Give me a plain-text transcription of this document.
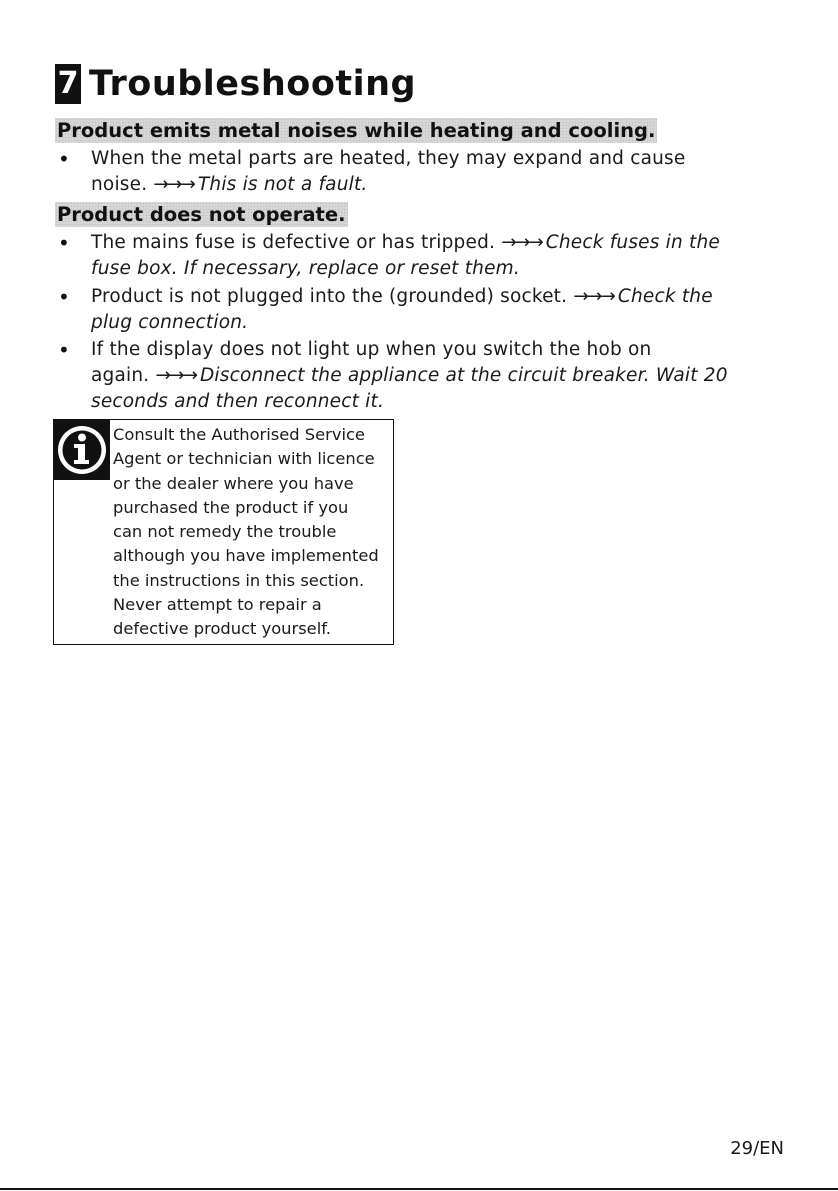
7 Troubleshooting
Product emits metal noises while heating and cooling.
• When the metal parts are heated, they may expand and cause
noise. →→→ This is not a fault.
Product does not operate.
• The mains fuse is defective or has tripped. →→→ Check fuses in the
fuse box. If necessary, replace or reset them.
• Product is not plugged into the (grounded) socket. →→→ Check the
plug connection.
• If the display does not light up when you switch the hob on
again. →→→ Disconnect the appliance at the circuit breaker. Wait 20
seconds and then reconnect it.
Consult the Authorised Service
Agent or technician with licence
or the dealer where you have
purchased the product if you
can not remedy the trouble
although you have implemented
the instructions in this section.
Never attempt to repair a
defective product yourself.
29/EN
